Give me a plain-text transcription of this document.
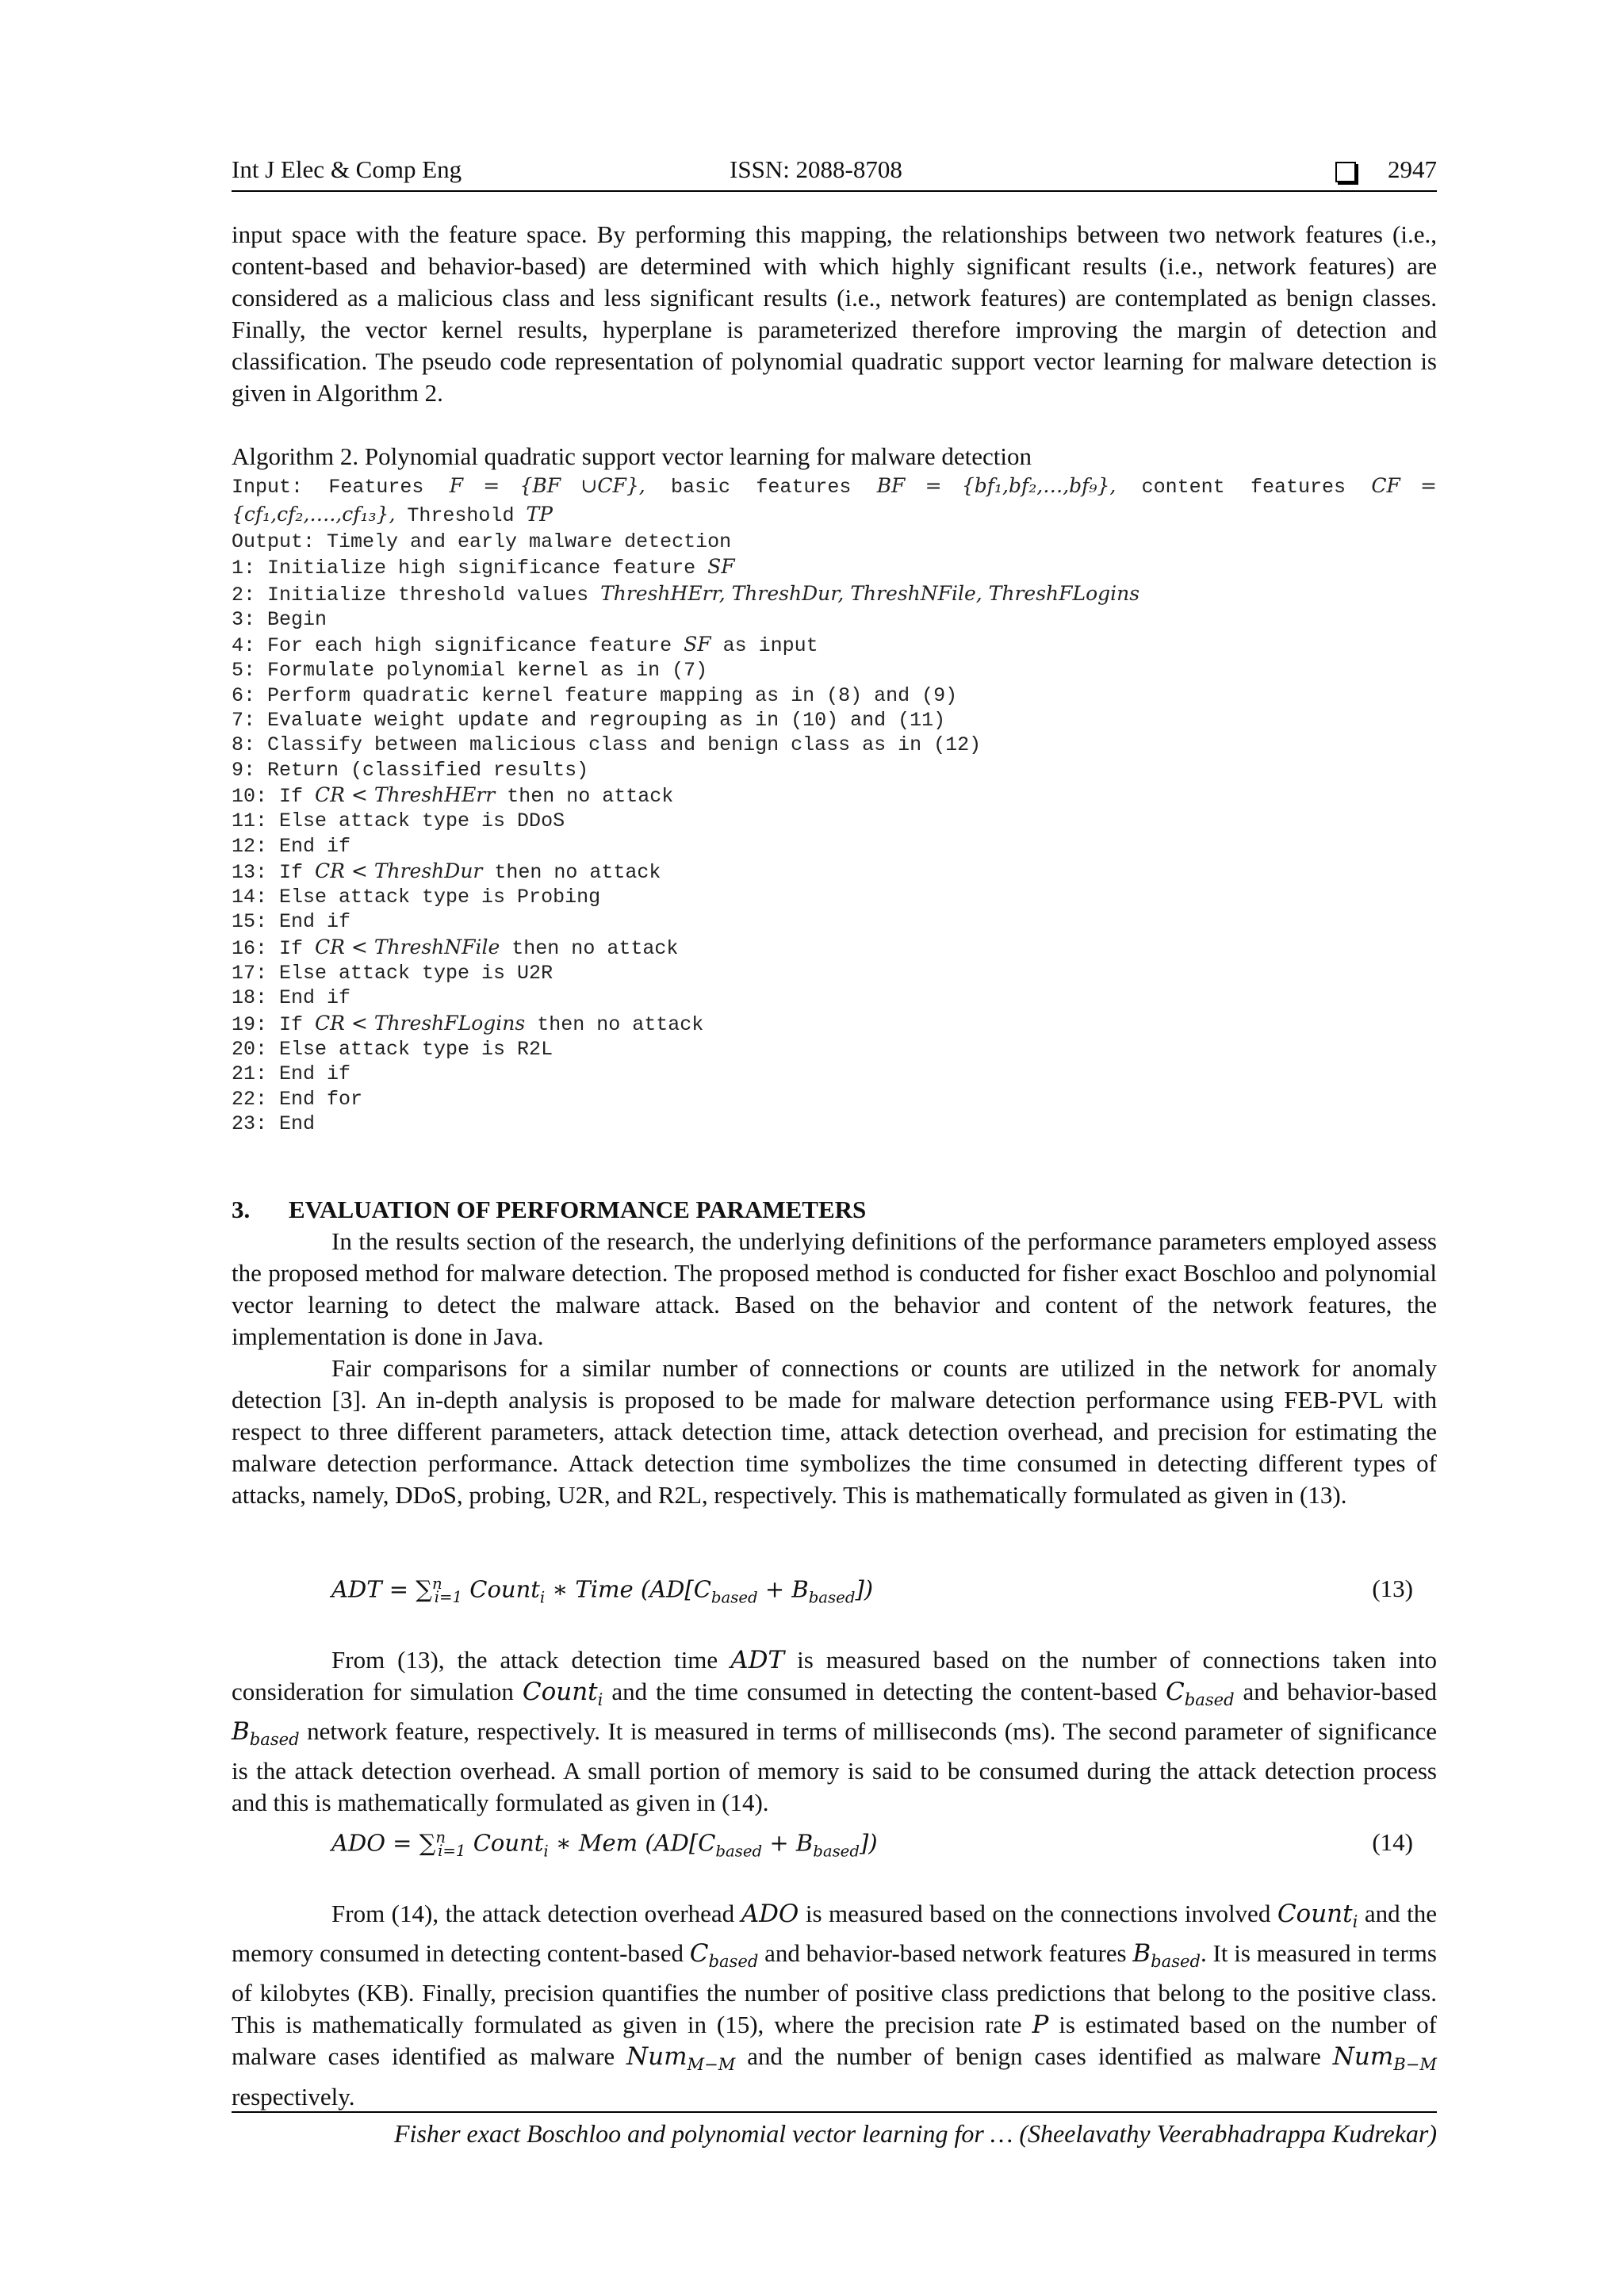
Int J Elec & Comp Eng	ISSN: 2088-8708	2947

input space with the feature space. By performing this mapping, the relationships between two network features (i.e., content-based and behavior-based) are determined with which highly significant results (i.e., network features) are considered as a malicious class and less significant results (i.e., network features) are contemplated as benign classes. Finally, the vector kernel results, hyperplane is parameterized therefore improving the margin of detection and classification. The pseudo code representation of polynomial quadratic support vector learning for malware detection is given in Algorithm 2.

Algorithm 2. Polynomial quadratic support vector learning for malware detection
Input: Features F = {BF ∪CF}, basic features BF = {bf₁,bf₂,…,bf₉}, content features CF =
{cf₁,cf₂,….,cf₁₃}, Threshold TP
Output: Timely and early malware detection
1: Initialize high significance feature SF
2: Initialize threshold values ThreshHErr, ThreshDur, ThreshNFile, ThreshFLogins
3: Begin
4: For each high significance feature SF as input
5: Formulate polynomial kernel as in (7)
6: Perform quadratic kernel feature mapping as in (8) and (9)
7: Evaluate weight update and regrouping as in (10) and (11)
8: Classify between malicious class and benign class as in (12)
9: Return (classified results)
10: If CR < ThreshHErr then no attack
11: Else attack type is DDoS
12: End if
13: If CR < ThreshDur then no attack
14: Else attack type is Probing
15: End if
16: If CR < ThreshNFile then no attack
17: Else attack type is U2R
18: End if
19: If CR < ThreshFLogins then no attack
20: Else attack type is R2L
21: End if
22: End for
23: End
3. EVALUATION OF PERFORMANCE PARAMETERS

In the results section of the research, the underlying definitions of the performance parameters employed assess the proposed method for malware detection. The proposed method is conducted for fisher exact Boschloo and polynomial vector learning to detect the malware attack. Based on the behavior and content of the network features, the implementation is done in Java.

Fair comparisons for a similar number of connections or counts are utilized in the network for anomaly detection [3]. An in-depth analysis is proposed to be made for malware detection performance using FEB-PVL with respect to three different parameters, attack detection time, attack detection overhead, and precision for estimating the malware detection performance. Attack detection time symbolizes the time consumed in detecting different types of attacks, namely, DDoS, probing, U2R, and R2L, respectively. This is mathematically formulated as given in (13).

ADT = ∑$^n_{i=1}$ Count$_i$ ∗ Time $(AD[C_{based} + B_{based}])$	(13)

From (13), the attack detection time ADT is measured based on the number of connections taken into consideration for simulation Count$_i$ and the time consumed in detecting the content-based $C_{based}$ and behavior-based $B_{based}$ network feature, respectively. It is measured in terms of milliseconds (ms). The second parameter of significance is the attack detection overhead. A small portion of memory is said to be consumed during the attack detection process and this is mathematically formulated as given in (14).

ADO = ∑$^n_{i=1}$ Count$_i$ ∗ Mem $(AD[C_{based} + B_{based}])$	(14)

From (14), the attack detection overhead ADO is measured based on the connections involved Count$_i$ and the memory consumed in detecting content-based $C_{based}$ and behavior-based network features $B_{based}$. It is measured in terms of kilobytes (KB). Finally, precision quantifies the number of positive class predictions that belong to the positive class. This is mathematically formulated as given in (15), where the precision rate P is estimated based on the number of malware cases identified as malware Num$_{M-M}$ and the number of benign cases identified as malware Num$_{B-M}$ respectively.

Fisher exact Boschloo and polynomial vector learning for … (Sheelavathy Veerabhadrappa Kudrekar)
